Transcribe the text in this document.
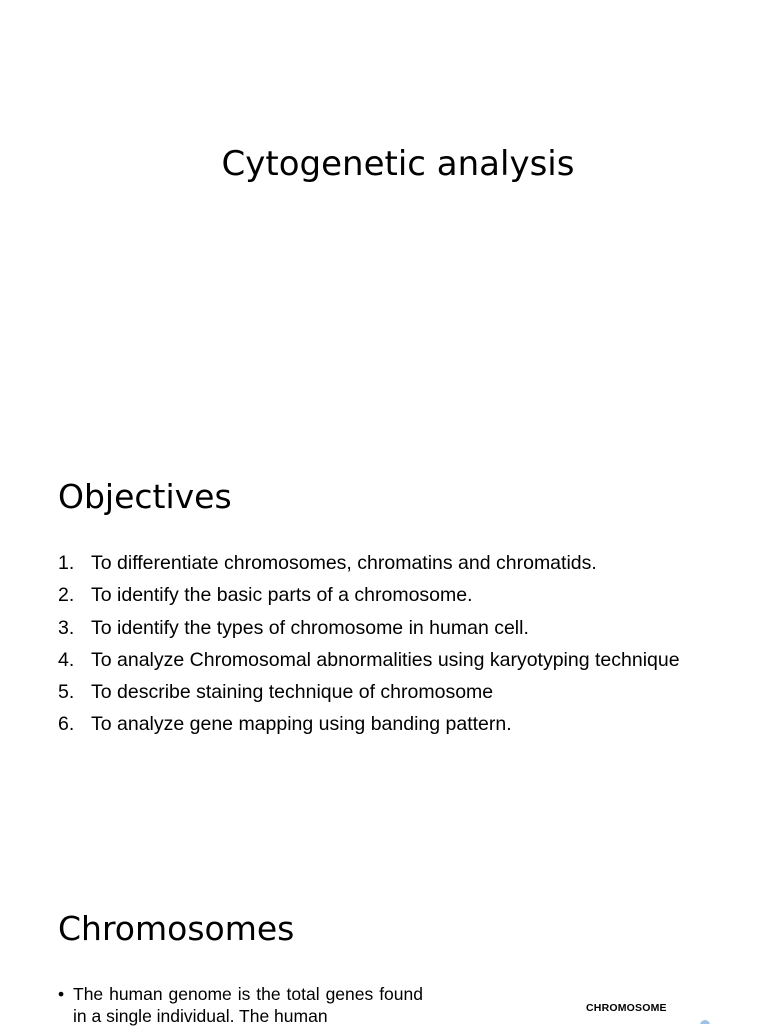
Cytogenetic analysis
Objectives
1. To differentiate chromosomes, chromatins and chromatids.
2. To identify the basic parts of a chromosome.
3. To identify the types of chromosome in human cell.
4. To analyze Chromosomal abnormalities using karyotyping technique
5. To describe staining technique of chromosome
6. To analyze gene mapping using banding pattern.
Chromosomes
• The human genome is the total genes found in a single individual. The human	CHROMOSOME
